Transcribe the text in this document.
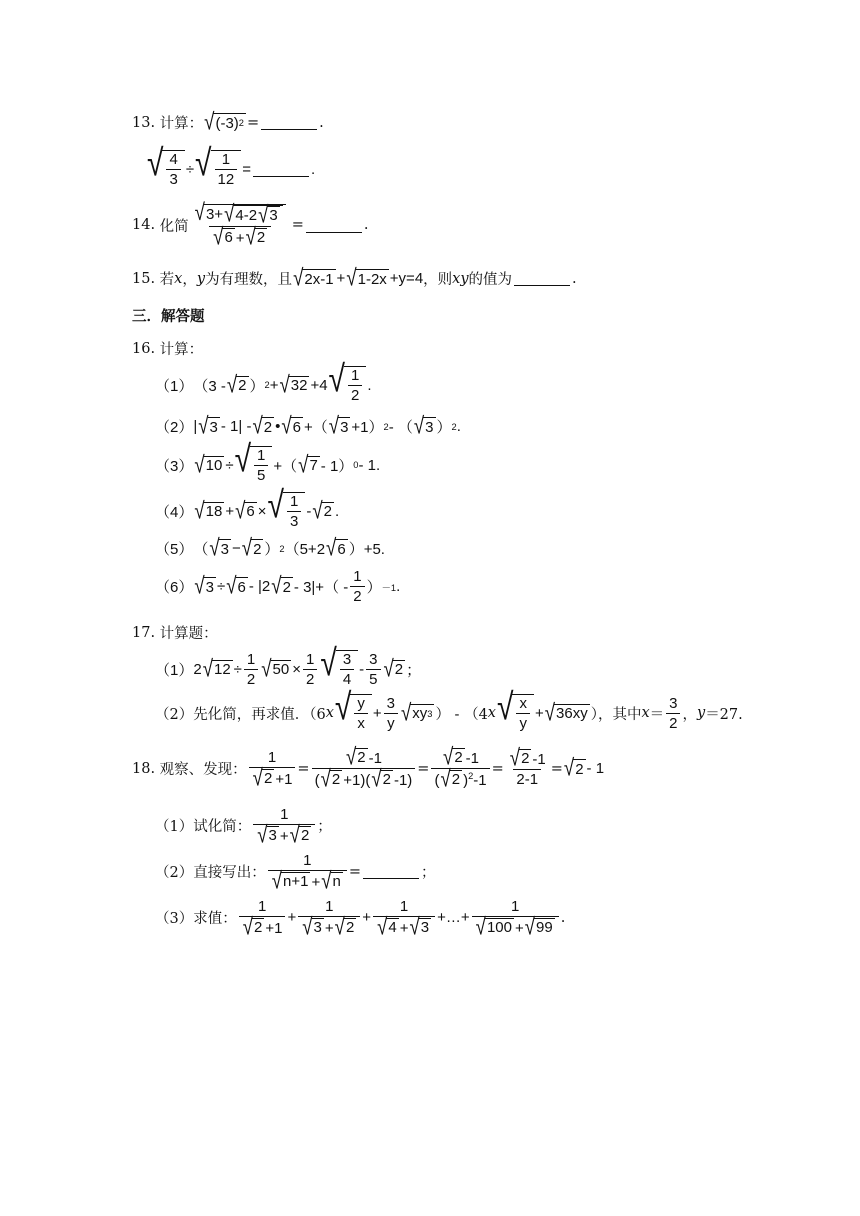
13.
计算： √ (-3) 2 =	.
√ $\frac{4}{3}$ ÷ √ $\frac{1}{12}$ =	.
14.
化简 $\frac{√ 3+ √ 4-2 √ 3}{√ 6 + √ 2}$ =	.
15.
若 x ， y 为有理数，且 √ 2x-1 + √ 1-2x +y=4 ，则 xy 的值为	.
三．解答题
16.
计算：
（1） （3 - √ 2 ） 2 + √ 32 +4 √ $\frac{1}{2}$ .
（2） | √ 3 - 1| - √ 2 • √ 6 +（ √ 3 +1） 2 - （ √ 3 ） 2 .
（3） √ 10 ÷ √ $\frac{1}{5}$ +（ √ 7 - 1） 0 - 1.
（4） √ 18 + √ 6 × √ $\frac{1}{3}$ - √ 2 .
（5） （ √ 3 − √ 2 ） 2 （5+2 √ 6 ）+5.
（6） √ 3 ÷ √ 6 - |2 √ $2 - 3|+( - \frac{1}{2}$ ） －1 .
17.
计算题：
（1） 2 √ $12 \div \frac{1}{2}$ √ $50 \times \frac{1}{2}$ √ $\frac{3}{4} - \frac{3}{5}$ √ 2 ；
（2） 先化简，再求值．（6 x √ $\frac{y}{x} + \frac{3}{y}$ √ xy 3 ） - （4 x √ $\frac{x}{y}$ + √ 36xy ），其中 $x = \frac{3}{2}$ ， y ＝27.
18.
观察、发现： $\frac{1}{√ 2 +1} = \frac{√ 2 -1}{( √ 2 +1)( √ 2 -1)} = \frac{√ 2 -1}{( √ 2 )^2-1} = \frac{√ 2 -1}{2-1}$ = √ 2 - 1
（1） 试化简： $\frac{1}{√ 3 + √ 2}$ ；
（2） 直接写出： $\frac{1}{√ n+1 + √ n}$ =	；
（3） 求值： $\frac{1}{√ 2 +1} + \frac{1}{√ 3 + √ 2} + \frac{1}{√ 4 + √ 3}$ +…+ $\frac{1}{√ 100 + √ 99}$ .
